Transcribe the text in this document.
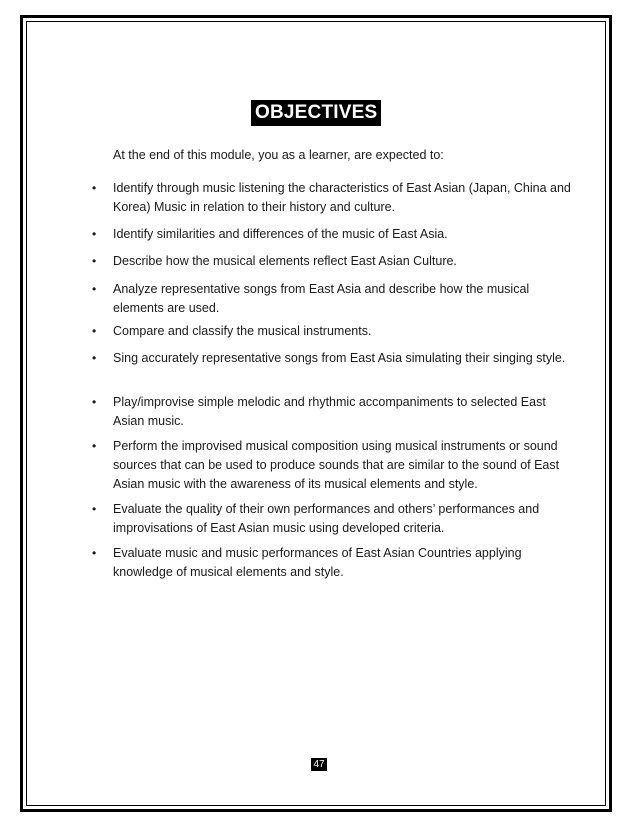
OBJECTIVES
At the end of this module, you as a learner, are expected to:
• Identify through music listening the characteristics of East Asian (Japan, China and Korea) Music in relation to their history and culture.
• Identify similarities and differences of the music of East Asia.
• Describe how the musical elements reflect East Asian Culture.
• Analyze representative songs from East Asia and describe how the musical elements are used.
• Compare and classify the musical instruments.
• Sing accurately representative songs from East Asia simulating their singing style.
• Play/improvise simple melodic and rhythmic accompaniments to selected East Asian music.
• Perform the improvised musical composition using musical instruments or sound sources that can be used to produce sounds that are similar to the sound of East Asian music with the awareness of its musical elements and style.
• Evaluate the quality of their own performances and others’ performances and improvisations of East Asian music using developed criteria.
• Evaluate music and music performances of East Asian Countries applying knowledge of musical elements and style.
47
